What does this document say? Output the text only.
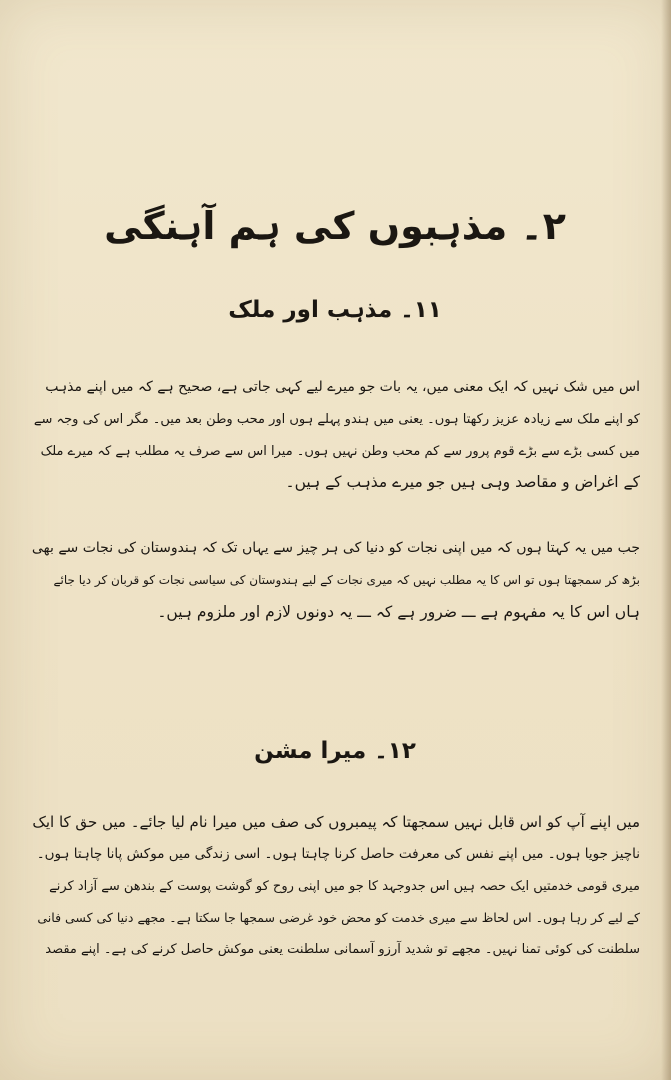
۲۔ مذہبوں کی ہم آہنگی
۱۱۔ مذہب اور ملک
اس میں شک نہیں کہ ایک معنی میں، یہ بات جو میرے لیے کہی جاتی ہے، صحیح ہے کہ میں اپنے مذہب
کو اپنے ملک سے زیادہ عزیز رکھتا ہوں۔ یعنی میں ہندو پہلے ہوں اور محب وطن بعد میں۔ مگر اس کی وجہ سے
میں کسی بڑے سے بڑے قوم پرور سے کم محب وطن نہیں ہوں۔ میرا اس سے صرف یہ مطلب ہے کہ میرے ملک
کے اغراض و مقاصد وہی ہیں جو میرے مذہب کے ہیں۔
جب میں یہ کہتا ہوں کہ میں اپنی نجات کو دنیا کی ہر چیز سے یہاں تک کہ ہندوستان کی نجات سے بھی
بڑھ کر سمجھتا ہوں تو اس کا یہ مطلب نہیں کہ میری نجات کے لیے ہندوستان کی سیاسی نجات کو قربان کر دیا جائے
ہاں اس کا یہ مفہوم ہے ـــ ضرور ہے کہ ـــ یہ دونوں لازم اور ملزوم ہیں۔
۱۲۔ میرا مشن
میں اپنے آپ کو اس قابل نہیں سمجھتا کہ پیمبروں کی صف میں میرا نام لیا جائے۔ میں حق کا ایک
ناچیز جویا ہوں۔ میں اپنے نفس کی معرفت حاصل کرنا چاہتا ہوں۔ اسی زندگی میں موکش پانا چاہتا ہوں۔
میری قومی خدمتیں ایک حصہ ہیں اس جدوجہد کا جو میں اپنی روح کو گوشت پوست کے بندھن سے آزاد کرنے
کے لیے کر رہا ہوں۔ اس لحاظ سے میری خدمت کو محض خود غرضی سمجھا جا سکتا ہے۔ مجھے دنیا کی کسی فانی
سلطنت کی کوئی تمنا نہیں۔ مجھے تو شدید آرزو آسمانی سلطنت یعنی موکش حاصل کرنے کی ہے۔ اپنے مقصد
